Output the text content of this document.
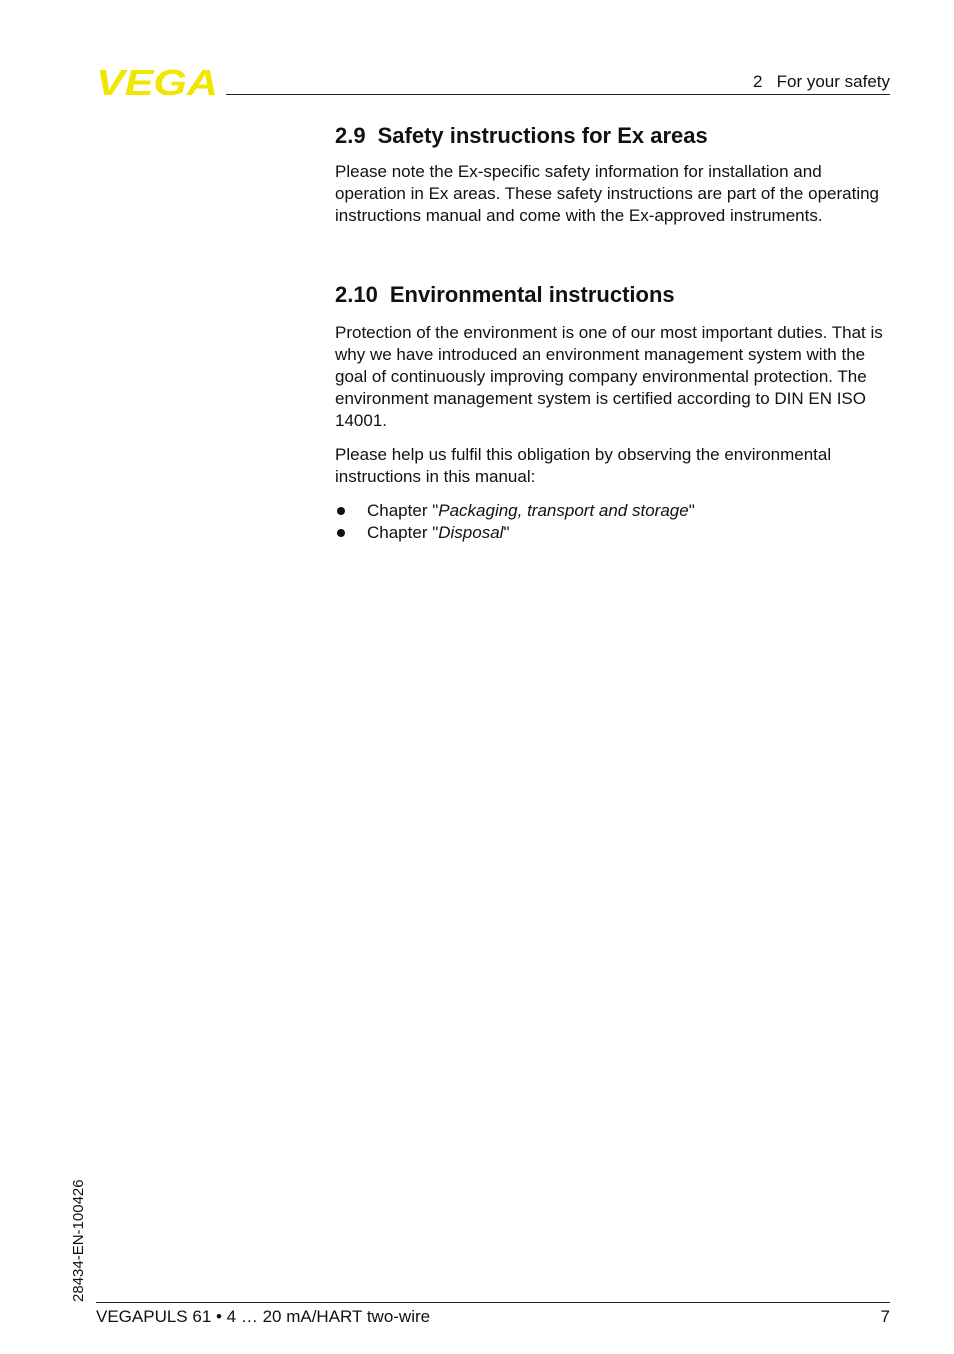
VEGA	2   For your safety
2.9 Safety instructions for Ex areas

Please note the Ex-specific safety information for installation and operation in Ex areas. These safety instructions are part of the operating instructions manual and come with the Ex-approved instruments.

2.10 Environmental instructions

Protection of the environment is one of our most important duties. That is why we have introduced an environment management system with the goal of continuously improving company environmental protection. The environment management system is certified according to DIN EN ISO 14001.

Please help us fulfil this obligation by observing the environmental instructions in this manual:

Chapter "Packaging, transport and storage"
Chapter "Disposal"
28434-EN-100426
VEGAPULS 61 • 4 … 20 mA/HART two-wire	7
